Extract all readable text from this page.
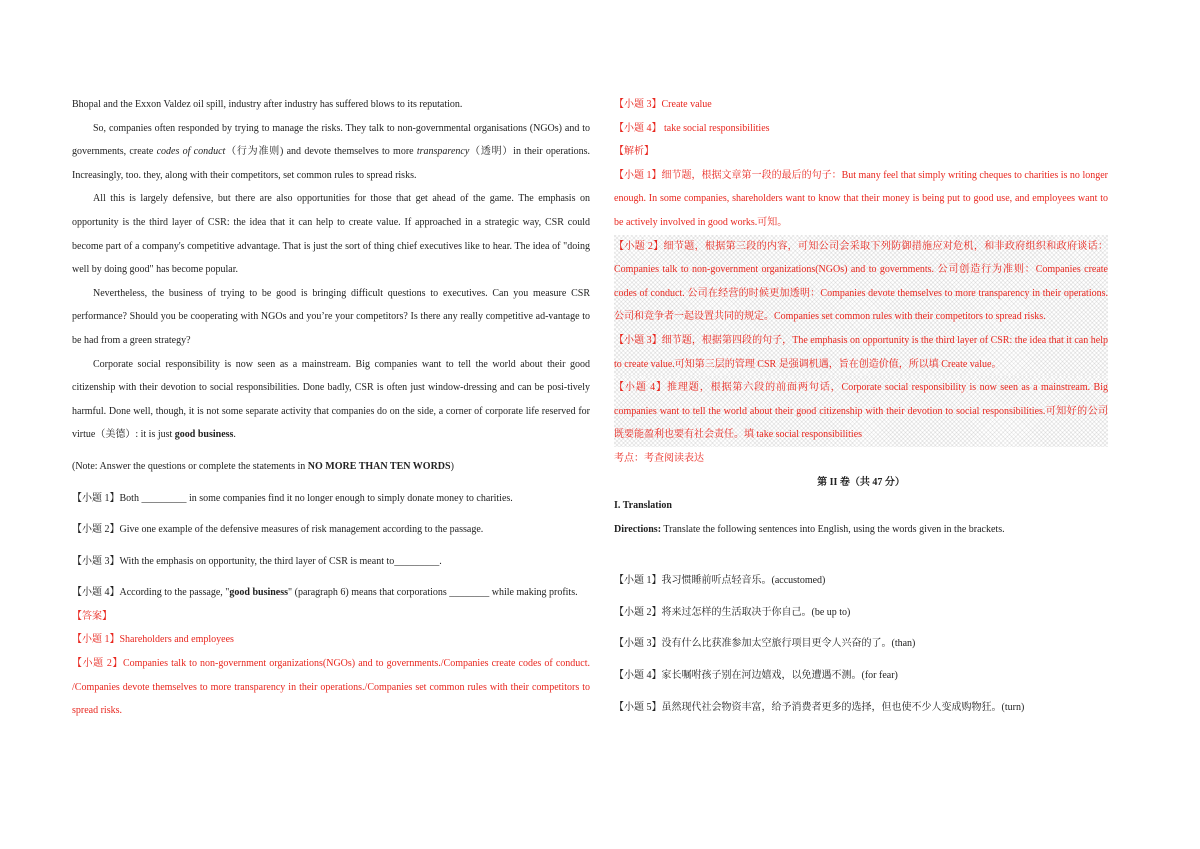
Bhopal and the Exxon Valdez oil spill, industry after industry has suffered blows to its reputation.

So, companies often responded by trying to manage the risks. They talk to non-governmental organisations (NGOs) and to governments, create codes of conduct（行为准则) and devote themselves to more transparency（透明）in their operations. Increasingly, too. they, along with their competitors, set common rules to spread risks.

All this is largely defensive, but there are also opportunities for those that get ahead of the game. The emphasis on opportunity is the third layer of CSR: the idea that it can help to create value. If approached in a strategic way, CSR could become part of a company's competitive advantage. That is just the sort of thing chief executives like to hear. The idea of "doing well by doing good" has become popular.

Nevertheless, the business of trying to be good is bringing difficult questions to executives. Can you measure CSR performance? Should you be cooperating with NGOs and you’re your competitors? Is there any really competitive ad-vantage to be had from a green strategy?

Corporate social responsibility is now seen as a mainstream. Big companies want to tell the world about their good citizenship with their devotion to social responsibilities. Done badly, CSR is often just window-dressing and can be posi-tively harmful. Done well, though, it is not some separate activity that companies do on the side, a corner of corporate life reserved for virtue（美德）: it is just good business.

(Note: Answer the questions or complete the statements in NO MORE THAN TEN WORDS)

【小题 1】Both _________ in some companies find it no longer enough to simply donate money to charities.

【小题 2】Give one example of the defensive measures of risk management according to the passage.

【小题 3】With the emphasis on opportunity, the third layer of CSR is meant to_________.

【小题 4】According to the passage, "good business" (paragraph 6) means that corporations ________ while making profits.

【答案】

【小题 1】Shareholders and employees

【小题 2】Companies talk to non-government organizations(NGOs) and to governments./Companies create codes of conduct. /Companies devote themselves to more transparency in their operations./Companies set common rules with their competitors to spread risks.

【小题 3】Create value

【小题 4】 take social responsibilities

【解析】

【小题 1】细节题，根据文章第一段的最后的句子：But many feel that simply writing cheques to charities is no longer enough. In some companies, shareholders want to know that their money is being put to good use, and employees want to be actively involved in good works.可知。

【小题 2】细节题，根据第三段的内容，可知公司会采取下列防御措施应对危机，和非政府组织和政府谈话：Companies talk to non-government organizations(NGOs) and to governments. 公司创造行为准则：Companies create codes of conduct. 公司在经营的时候更加透明：Companies devote themselves to more transparency in their operations. 公司和竞争者一起设置共同的规定。Companies set common rules with their competitors to spread risks.

【小题 3】细节题，根据第四段的句子，The emphasis on opportunity is the third layer of CSR: the idea that it can help to create value.可知第三层的管理 CSR 是强调机遇，旨在创造价值，所以填 Create value。

【小题 4】推理题，根据第六段的前面两句话，Corporate social responsibility is now seen as a mainstream. Big companies want to tell the world about their good citizenship with their devotion to social responsibilities.可知好的公司既要能盈利也要有社会责任。填 take social responsibilities

考点：考查阅读表达

第 II 卷（共 47 分）

I. Translation

Directions: Translate the following sentences into English, using the words given in the brackets.

【小题 1】我习惯睡前听点轻音乐。(accustomed)

【小题 2】将来过怎样的生活取决于你自己。(be up to)

【小题 3】没有什么比获准参加太空旅行项目更令人兴奋的了。(than)

【小题 4】家长嘱咐孩子别在河边嬉戏，以免遭遇不测。(for fear)

【小题 5】虽然现代社会物资丰富，给予消费者更多的选择，但也使不少人变成购物狂。(turn)
